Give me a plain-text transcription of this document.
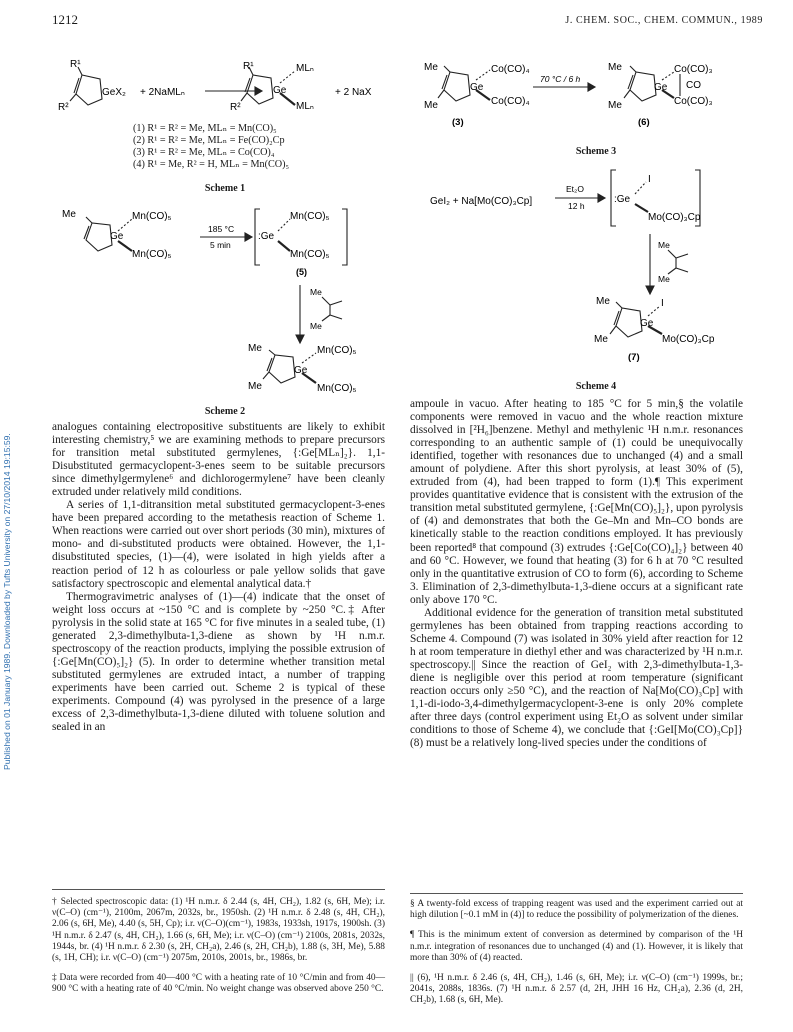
1212	J. CHEM. SOC., CHEM. COMMUN., 1989
Published on 01 January 1989. Downloaded by Tufts University on 27/10/2014 19:15:59.
R¹
R²
GeX₂ + 2NaMLₙ
R¹
R²
Ge
MLₙ
MLₙ
+ 2 NaX
(1) R¹ = R² = Me, MLₙ = Mn(CO)₅
(2) R¹ = R² = Me, MLₙ = Fe(CO)₂Cp
(3) R¹ = R² = Me, MLₙ = Co(CO)₄
(4) R¹ = Me, R² = H, MLₙ = Mn(CO)₅
Scheme 1
Me
Ge
Mn(CO)₅
Mn(CO)₅
185 °C
5 min
:Ge
Mn(CO)₅
Mn(CO)₅
(5)
Me
Me
Me
Me
Ge
Mn(CO)₅
Mn(CO)₅
Scheme 2
Me
Me
Ge
Co(CO)₄
Co(CO)₄
70 °C / 6 h
(3)
Me
Me
Ge
Co(CO)₃
CO
Co(CO)₃
(6)
Scheme 3
GeI₂ + Na[Mo(CO)₃Cp]
Et₂O
12 h
:Ge
I
Mo(CO)₃Cp
Me
Me
Me
Me
Ge
I
Mo(CO)₃Cp
(7)
Scheme 4

analogues containing electropositive substituents are likely to exhibit interesting chemistry,⁵ we are examining methods to prepare precursors for transition metal substituted germylenes, {:Ge[MLₙ]₂}. 1,1-Disubstituted germacyclopent-3-enes seem to be suitable precursors since dimethylgermylene⁶ and dichlorogermylene⁷ have been cleanly extruded under relatively mild conditions.

A series of 1,1-ditransition metal substituted germacyclopent-3-enes have been prepared according to the metathesis reaction of Scheme 1. When reactions were carried out over short periods (30 min), mixtures of mono- and di-substituted products were obtained. However, the 1,1-disubstituted species, (1)—(4), were isolated in high yields after a reaction period of 12 h as colourless or pale yellow solids that gave satisfactory spectroscopic and elemental analytical data.†

Thermogravimetric analyses of (1)—(4) indicate that the onset of weight loss occurs at ~150 °C and is complete by ~250 °C.‡ After pyrolysis in the solid state at 165 °C for five minutes in a sealed tube, (1) generated 2,3-dimethylbuta-1,3-diene as shown by ¹H n.m.r. spectroscopy of the reaction products, implying the possible extrusion of {:Ge[Mn(CO)₅]₂} (5). In order to determine whether transition metal substituted germylenes are extruded intact, a number of trapping experiments have been carried out. Scheme 2 is typical of these experiments. Compound (4) was pyrolysed in the presence of a large excess of 2,3-dimethylbuta-1,3-diene diluted with toluene solution and sealed in an

ampoule in vacuo. After heating to 185 °C for 5 min,§ the volatile components were removed in vacuo and the whole reaction mixture dissolved in [²H₆]benzene. Methyl and methylenic ¹H n.m.r. resonances corresponding to an authentic sample of (1) could be unequivocally identified, together with resonances due to unchanged (4) and a small amount of polydiene. After this short pyrolysis, at least 30% of (5), extruded from (4), had been trapped to form (1).¶ This experiment provides quantitative evidence that is consistent with the extrusion of the transition metal substituted germylene, {:Ge[Mn(CO)₅]₂}, upon pyrolysis of (4) and demonstrates that both the Ge–Mn and Mn–CO bonds are kinetically stable to the reaction conditions employed. It has previously been reported⁸ that compound (3) extrudes {:Ge[Co(CO)₄]₂} between 40 and 60 °C. However, we found that heating (3) for 6 h at 70 °C resulted only in the quantitative extrusion of CO to form (6), according to Scheme 3. Elimination of 2,3-dimethylbuta-1,3-diene occurs at a significant rate only above 170 °C.

Additional evidence for the generation of transition metal substituted germylenes has been obtained from trapping reactions according to Scheme 4. Compound (7) was isolated in 30% yield after reaction for 12 h at room temperature in diethyl ether and was characterized by ¹H n.m.r. spectroscopy.|| Since the reaction of GeI₂ with 2,3-dimethylbuta-1,3-diene is negligible over this period at room temperature (significant reaction occurs only ≥50 °C), and the reaction of Na[Mo(CO)₃Cp] with 1,1-di-iodo-3,4-dimethylgermacyclopent-3-ene is only 20% complete after three days (control experiment using Et₂O as solvent under similar conditions to those of Scheme 4), we conclude that {:GeI[Mo(CO)₃Cp]} (8) must be a relatively long-lived species under the conditions of

† Selected spectroscopic data: (1) ¹H n.m.r. δ 2.44 (s, 4H, CH₂), 1.82 (s, 6H, Me); i.r. ν(C–O) (cm⁻¹), 2100m, 2067m, 2032s, br., 1950sh. (2) ¹H n.m.r. δ 2.48 (s, 4H, CH₂), 2.06 (s, 6H, Me), 4.40 (s, 5H, Cp); i.r. ν(C–O)(cm⁻¹), 1983s, 1933sh, 1917s, 1900sh. (3) ¹H n.m.r. δ 2.47 (s, 4H, CH₂), 1.66 (s, 6H, Me); i.r. ν(C–O) (cm⁻¹) 2100s, 2081s, 2032s, 1944s, br. (4) ¹H n.m.r. δ 2.30 (s, 2H, CH₂a), 2.46 (s, 2H, CH₂b), 1.88 (s, 3H, Me), 5.88 (s, 1H, CH); i.r. ν(C–O) (cm⁻¹) 2075m, 2010s, 2001s, br., 1986s, br.

‡ Data were recorded from 40—400 °C with a heating rate of 10 °C/min and from 40—900 °C with a heating rate of 40 °C/min. No weight change was observed above 250 °C.

§ A twenty-fold excess of trapping reagent was used and the experiment carried out at high dilution [~0.1 mM in (4)] to reduce the possibility of polymerization of the dienes.

¶ This is the minimum extent of conversion as determined by comparison of the ¹H n.m.r. integration of resonances due to unchanged (4) and (1). However, it is likely that more than 30% of (4) reacted.

|| (6), ¹H n.m.r. δ 2.46 (s, 4H, CH₂), 1.46 (s, 6H, Me); i.r. ν(C–O) (cm⁻¹) 1999s, br.; 2041s, 2088s, 1836s. (7) ¹H n.m.r. δ 2.57 (d, 2H, JHH 16 Hz, CH₂a), 2.36 (d, 2H, CH₂b), 1.68 (s, 6H, Me).
